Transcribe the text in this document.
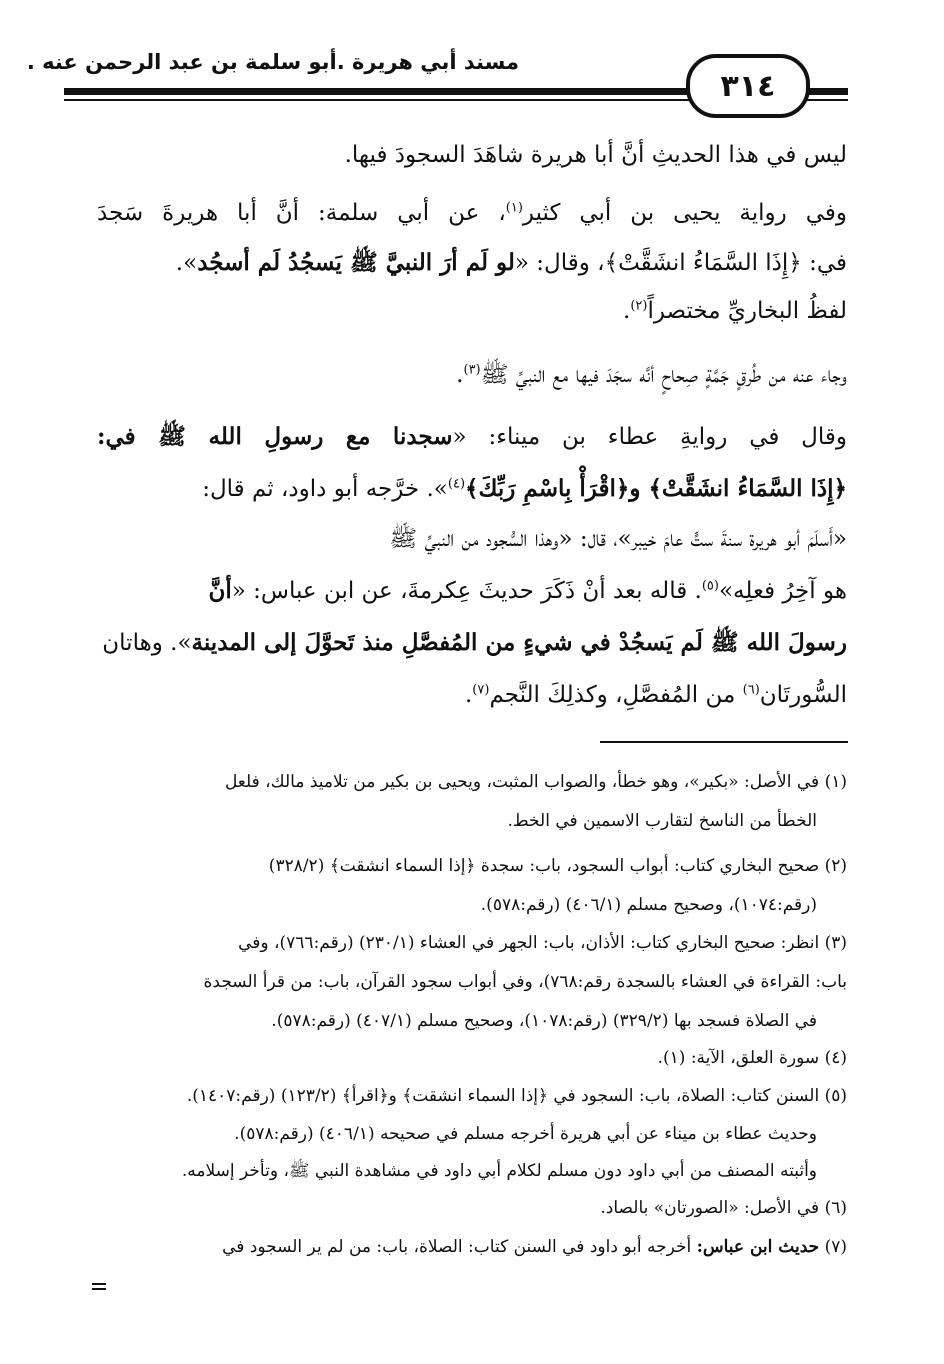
مسند أبي هريرة .أبو سلمة بن عبد الرحمن عنه .
٣١٤
ليس في هذا الحديثِ أنَّ أبا هريرة شاهَدَ السجودَ فيها.
وفي رواية يحيى بن أبي كثير$^{(١)}$، عن أبي سلمة: أنَّ أبا هريرةَ سَجدَ
في: ﴿إِذَا السَّمَاءُ انشَقَّتْ﴾، وقال: «لو لَم أرَ النبيَّ ﷺ يَسجُدُ لَم أسجُد».
لفظُ البخاريِّ مختصراً$^{(٢)}$.
وجاء عنه من طُرقٍ جَمَّةٍ صِحاحٍ أنَّه سجَدَ فيها مع النبيِّ ﷺ$^{(٣)}$.
وقال في روايةِ عطاء بن ميناء: «سجدنا مع رسولِ الله ﷺ في:
﴿إِذَا السَّمَاءُ انشَقَّتْ﴾ و﴿اقْرَأْ بِاسْمِ رَبِّكَ﴾$^{(٤)}$». خرَّجه أبو داود، ثم قال:
«أَسلَمَ أبو هريرة سنةَ ستٍّ عامَ خيبر»، قال: «وهذا السُّجود من النبيِّ ﷺ
هو آخِرُ فعلِه»$^{(٥)}$. قاله بعد أنْ ذَكَرَ حديثَ عِكرمةَ، عن ابن عباس: «أنَّ
رسولَ الله ﷺ لَم يَسجُدْ في شيءٍ من المُفصَّلِ منذ تَحوَّلَ إلى المدينة». وهاتان
السُّورتَان$^{(٦)}$ من المُفصَّلِ، وكذلِكَ النَّجم$^{(٧)}$.
(١) في الأصل: «بكير»، وهو خطأ، والصواب المثبت، ويحيى بن بكير من تلاميذ مالك، فلعل
الخطأ من الناسخ لتقارب الاسمين في الخط.
(٢) صحيح البخاري كتاب: أبواب السجود، باب: سجدة ﴿إذا السماء انشقت﴾ (٣٢٨/٢)
(رقم:١٠٧٤)، وصحيح مسلم (٤٠٦/١) (رقم:٥٧٨).
(٣) انظر: صحيح البخاري كتاب: الأذان، باب: الجهر في العشاء (٢٣٠/١) (رقم:٧٦٦)، وفي
باب: القراءة في العشاء بالسجدة رقم:٧٦٨)، وفي أبواب سجود القرآن، باب: من قرأ السجدة
في الصلاة فسجد بها (٣٢٩/٢) (رقم:١٠٧٨)، وصحيح مسلم (٤٠٧/١) (رقم:٥٧٨).
(٤) سورة العلق، الآية: (١).
(٥) السنن كتاب: الصلاة، باب: السجود في ﴿إذا السماء انشقت﴾ و﴿اقرأ﴾ (١٢٣/٢) (رقم:١٤٠٧).
وحديث عطاء بن ميناء عن أبي هريرة أخرجه مسلم في صحيحه (٤٠٦/١) (رقم:٥٧٨).
وأثبته المصنف من أبي داود دون مسلم لكلام أبي داود في مشاهدة النبي ﷺ، وتأخر إسلامه.
(٦) في الأصل: «الصورتان» بالصاد.
(٧) حديث ابن عباس: أخرجه أبو داود في السنن كتاب: الصلاة، باب: من لم ير السجود في
